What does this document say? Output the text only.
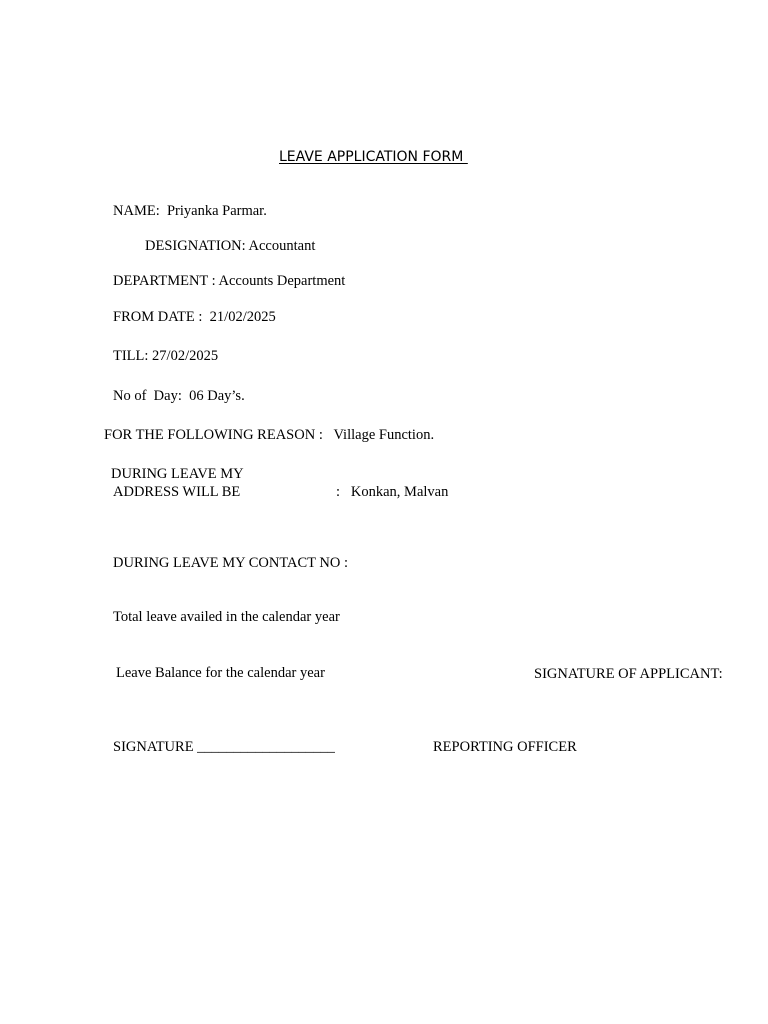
LEAVE APPLICATION FORM
NAME:  Priyanka Parmar.
DESIGNATION: Accountant
DEPARTMENT : Accounts Department
FROM DATE :  21/02/2025
TILL: 27/02/2025
No of  Day:  06 Day’s.
FOR THE FOLLOWING REASON :   Village Function.
DURING LEAVE MY
ADDRESS WILL BE	:   Konkan, Malvan
DURING LEAVE MY CONTACT NO :
Total leave availed in the calendar year
Leave Balance for the calendar year	SIGNATURE OF APPLICANT:
SIGNATURE ___________________	REPORTING OFFICER
